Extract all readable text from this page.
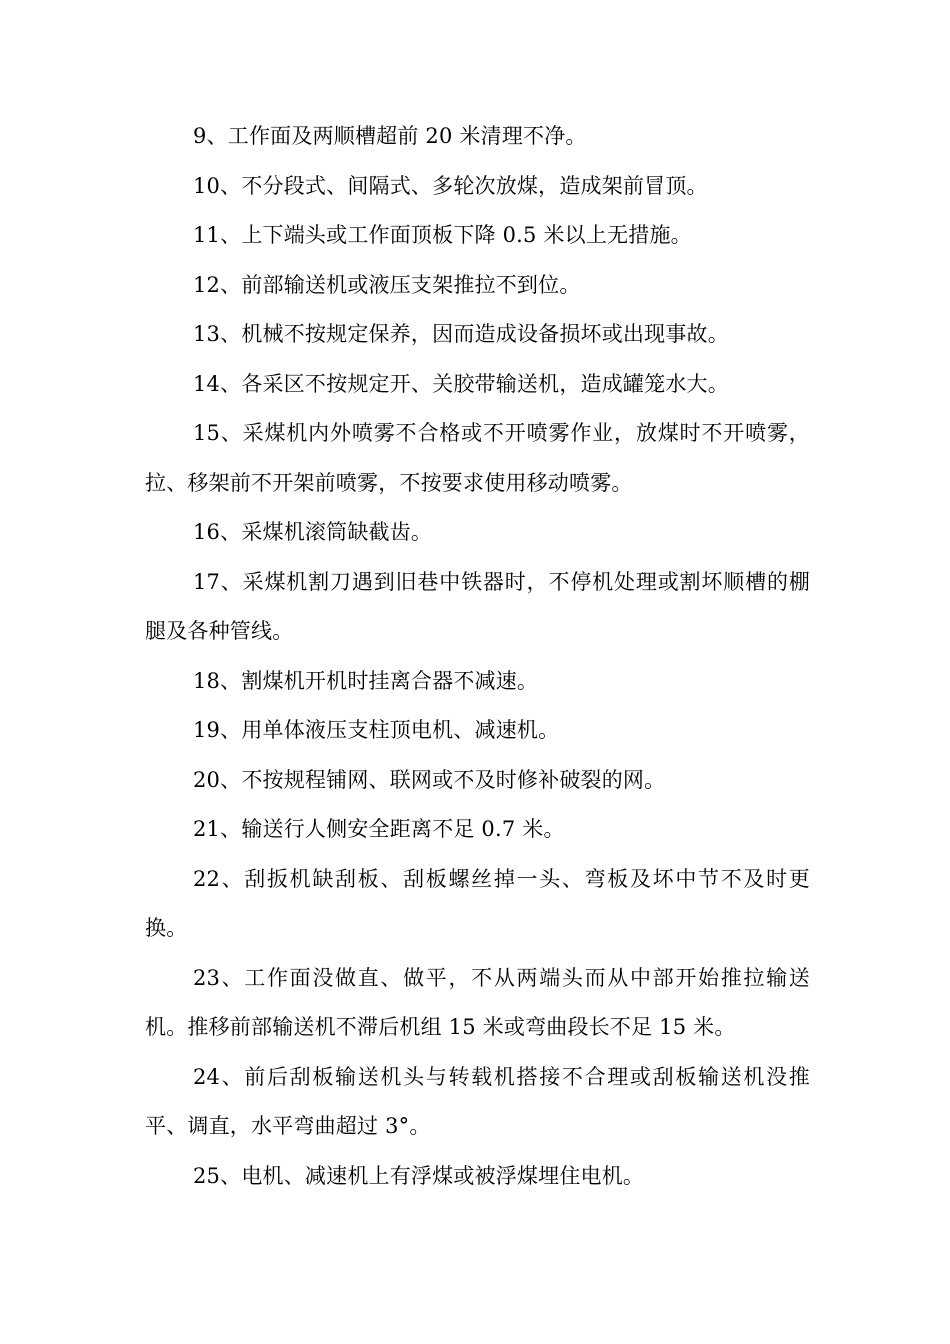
9、工作面及两顺槽超前 20 米清理不净。

10、不分段式、间隔式、多轮次放煤，造成架前冒顶。

11、上下端头或工作面顶板下降 0.5 米以上无措施。

12、前部输送机或液压支架推拉不到位。

13、机械不按规定保养，因而造成设备损坏或出现事故。

14、各采区不按规定开、关胶带输送机，造成罐笼水大。

15、采煤机内外喷雾不合格或不开喷雾作业，放煤时不开喷雾，拉、移架前不开架前喷雾，不按要求使用移动喷雾。

16、采煤机滚筒缺截齿。

17、采煤机割刀遇到旧巷中铁器时，不停机处理或割坏顺槽的棚腿及各种管线。

18、割煤机开机时挂离合器不减速。

19、用单体液压支柱顶电机、减速机。

20、不按规程铺网、联网或不及时修补破裂的网。

21、输送行人侧安全距离不足 0.7 米。

22、刮扳机缺刮板、刮板螺丝掉一头、弯板及坏中节不及时更换。

23、工作面没做直、做平，不从两端头而从中部开始推拉输送机。推移前部输送机不滞后机组 15 米或弯曲段长不足 15 米。

24、前后刮板输送机头与转载机搭接不合理或刮板输送机没推平、调直，水平弯曲超过 3°。

25、电机、减速机上有浮煤或被浮煤埋住电机。
